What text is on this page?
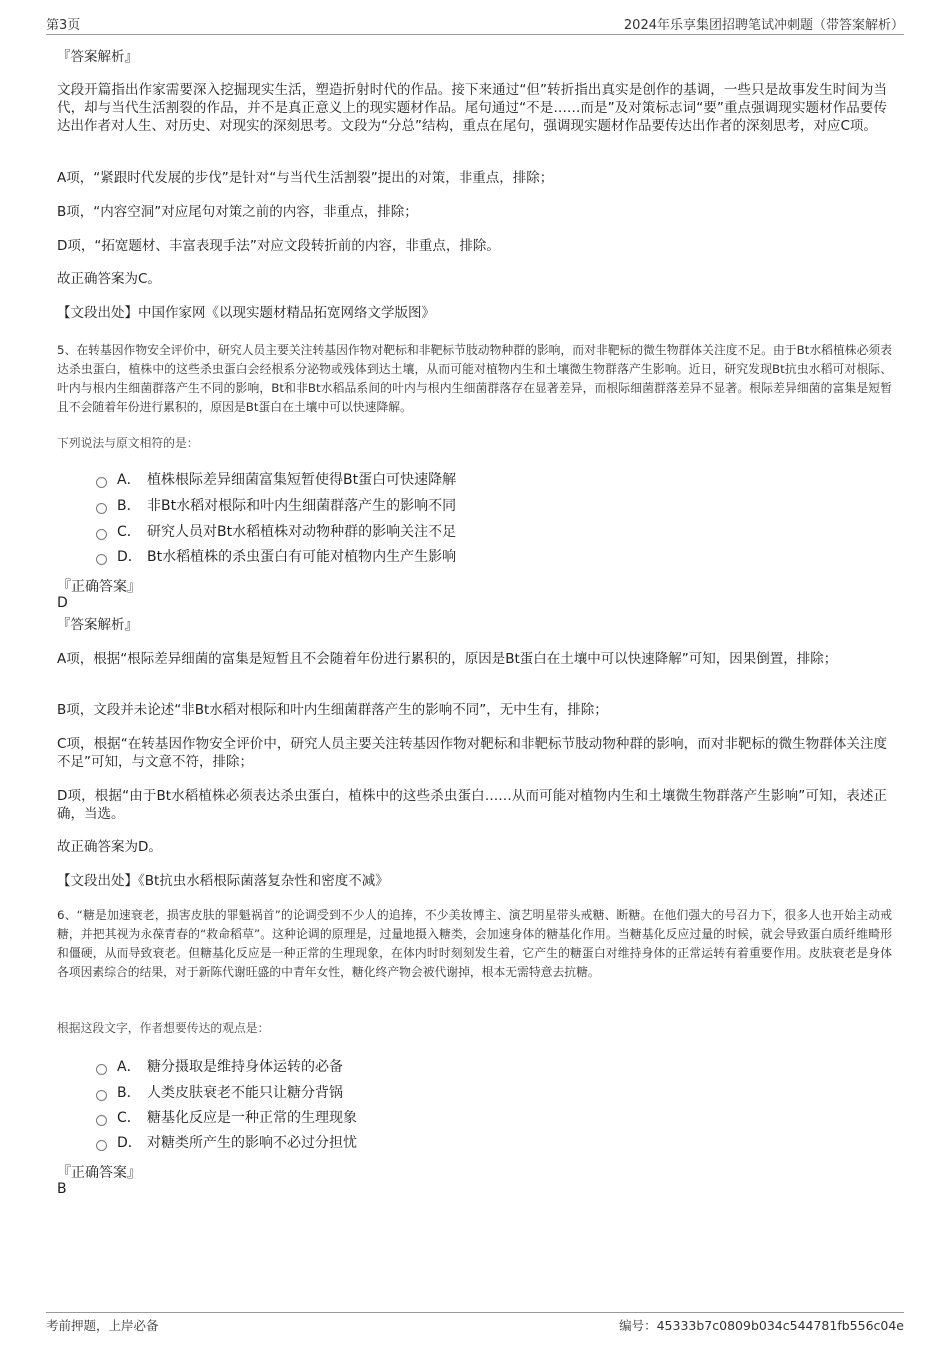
第3页	2024年乐享集团招聘笔试冲刺题（带答案解析）
『答案解析』
文段开篇指出作家需要深入挖掘现实生活，塑造折射时代的作品。接下来通过“但”转折指出真实是创作的基调，一些只是故事发生时间为当代，却与当代生活割裂的作品，并不是真正意义上的现实题材作品。尾句通过“不是……而是”及对策标志词“要”重点强调现实题材作品要传达出作者对人生、对历史、对现实的深刻思考。文段为“分总”结构，重点在尾句，强调现实题材作品要传达出作者的深刻思考，对应C项。
A项，“紧跟时代发展的步伐”是针对“与当代生活割裂”提出的对策，非重点，排除；
B项，“内容空洞”对应尾句对策之前的内容，非重点，排除；
D项，“拓宽题材、丰富表现手法”对应文段转折前的内容，非重点，排除。
故正确答案为C。
【文段出处】中国作家网《以现实题材精品拓宽网络文学版图》
5、在转基因作物安全评价中，研究人员主要关注转基因作物对靶标和非靶标节肢动物种群的影响，而对非靶标的微生物群体关注度不足。由于Bt水稻植株必须表达杀虫蛋白，植株中的这些杀虫蛋白会经根系分泌物或残体到达土壤，从而可能对植物内生和土壤微生物群落产生影响。近日，研究发现Bt抗虫水稻可对根际、叶内与根内生细菌群落产生不同的影响，Bt和非Bt水稻品系间的叶内与根内生细菌群落存在显著差异，而根际细菌群落差异不显著。根际差异细菌的富集是短暂且不会随着年份进行累积的，原因是Bt蛋白在土壤中可以快速降解。
下列说法与原文相符的是：
A． 植株根际差异细菌富集短暂使得Bt蛋白可快速降解
B． 非Bt水稻对根际和叶内生细菌群落产生的影响不同
C． 研究人员对Bt水稻植株对动物种群的影响关注不足
D． Bt水稻植株的杀虫蛋白有可能对植物内生产生影响
『正确答案』
D
『答案解析』
A项，根据“根际差异细菌的富集是短暂且不会随着年份进行累积的，原因是Bt蛋白在土壤中可以快速降解”可知，因果倒置，排除；
B项，文段并未论述“非Bt水稻对根际和叶内生细菌群落产生的影响不同”，无中生有，排除；
C项，根据“在转基因作物安全评价中，研究人员主要关注转基因作物对靶标和非靶标节肢动物种群的影响，而对非靶标的微生物群体关注度不足”可知，与文意不符，排除；
D项，根据“由于Bt水稻植株必须表达杀虫蛋白，植株中的这些杀虫蛋白……从而可能对植物内生和土壤微生物群落产生影响”可知，表述正确，当选。
故正确答案为D。
【文段出处】《Bt抗虫水稻根际菌落复杂性和密度不减》
6、“糖是加速衰老，损害皮肤的罪魁祸首”的论调受到不少人的追捧，不少美妆博主、演艺明星带头戒糖、断糖。在他们强大的号召力下，很多人也开始主动戒糖，并把其视为永葆青春的“救命稻草”。这种论调的原理是，过量地摄入糖类，会加速身体的糖基化作用。当糖基化反应过量的时候，就会导致蛋白质纤维畸形和僵硬，从而导致衰老。但糖基化反应是一种正常的生理现象，在体内时时刻刻发生着，它产生的糖蛋白对维持身体的正常运转有着重要作用。皮肤衰老是身体各项因素综合的结果，对于新陈代谢旺盛的中青年女性，糖化终产物会被代谢掉，根本无需特意去抗糖。
根据这段文字，作者想要传达的观点是：
A． 糖分摄取是维持身体运转的必备
B． 人类皮肤衰老不能只让糖分背锅
C． 糖基化反应是一种正常的生理现象
D． 对糖类所产生的影响不必过分担忧
『正确答案』
B
考前押题，上岸必备	编号：45333b7c0809b034c544781fb556c04e
